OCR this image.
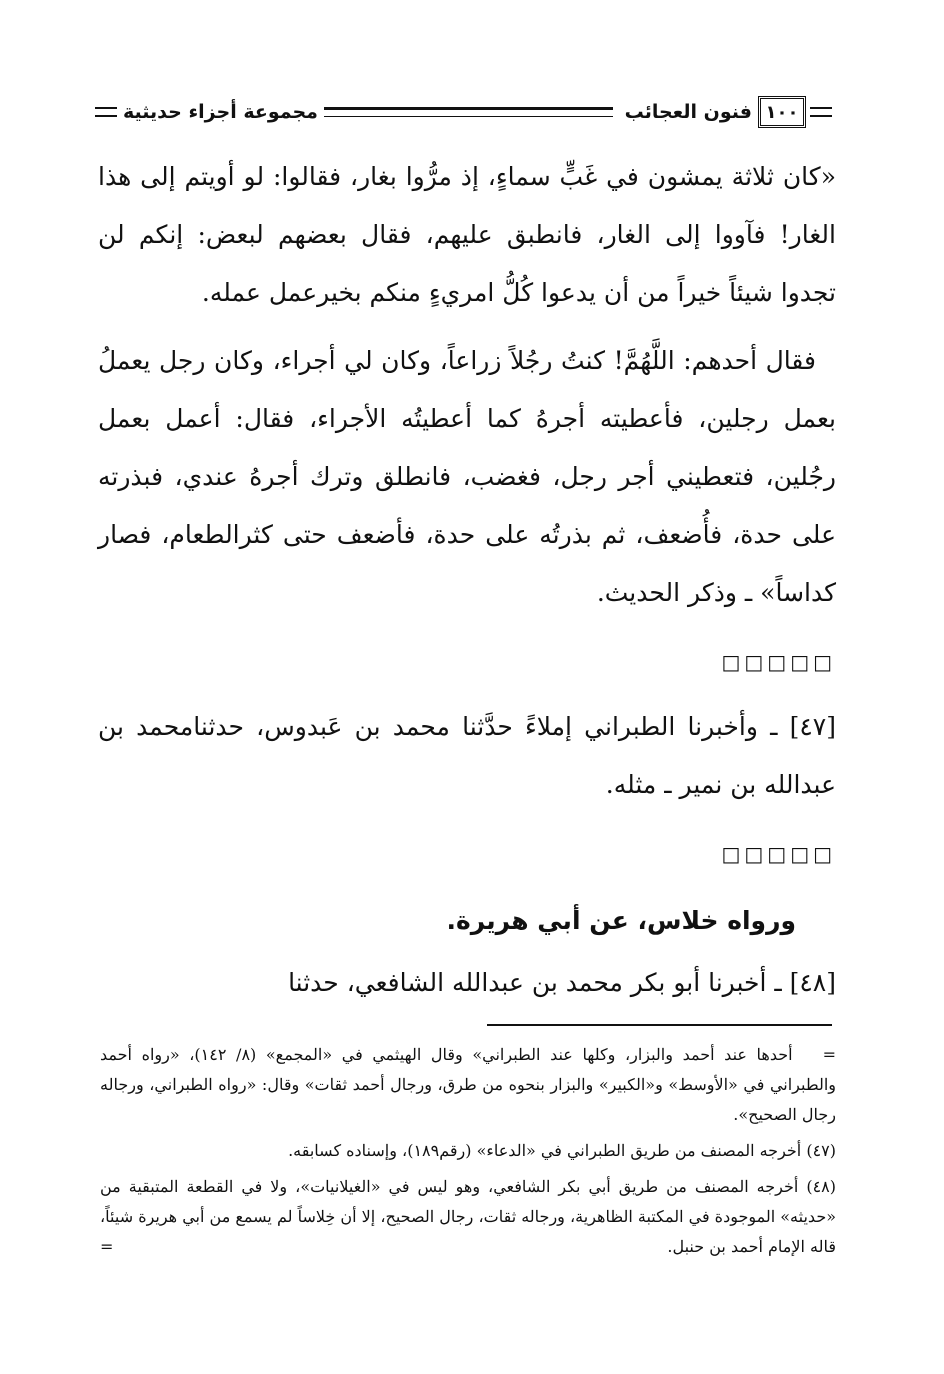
١٠٠
فنون العجائب
مجموعة أجزاء حديثية

«كان ثلاثة يمشون في غَبٍّ سماءٍ، إذ مرُّوا بغار، فقالوا: لو أويتم إلى هذا الغار! فآووا إلى الغار، فانطبق عليهم، فقال بعضهم لبعض: إنكم لن تجدوا شيئاً خيراً من أن يدعوا كُلُّ امريءٍ منكم بخيرعمل عمله.

فقال أحدهم: اللَّهُمَّ! كنتُ رجُلاً زراعاً، وكان لي أجراء، وكان رجل يعملُ بعمل رجلين، فأعطيته أجرهُ كما أعطيتُه الأجراء، فقال: أعمل بعمل رجُلين، فتعطيني أجر رجل، فغضب، فانطلق وترك أجرهُ عندي، فبذرته على حدة، فأُضعف، ثم بذرتُه على حدة، فأضعف حتى كثرالطعام، فصار كداساً» ـ وذكر الحديث.

□□□□□

[٤٧] ـ وأخبرنا الطبراني إملاءً حدَّثنا محمد بن عَبدوس، حدثنامحمد بن عبدالله بن نمير ـ مثله.

□□□□□

ورواه خلاس، عن أبي هريرة.

[٤٨] ـ أخبرنا أبو بكر محمد بن عبدالله الشافعي، حدثنا

=أحدها عند أحمد والبزار، وكلها عند الطبراني» وقال الهيثمي في «المجمع» (٨/ ١٤٢)، «رواه أحمد والطبراني في «الأوسط» و«الكبير» والبزار بنحوه من طرق، ورجال أحمد ثقات» وقال: «رواه الطبراني، ورجاله رجال الصحيح».

(٤٧) أخرجه المصنف من طريق الطبراني في «الدعاء» (رقم١٨٩)، وإسناده كسابقه.

(٤٨) أخرجه المصنف من طريق أبي بكر الشافعي، وهو ليس في «الغيلانيات»، ولا في القطعة المتبقية من «حديثه» الموجودة في المكتبة الظاهرية، ورجاله ثقات، رجال الصحيح، إلا أن خِلاساً لم يسمع من أبي هريرة شيئاً، قاله الإمام أحمد بن حنبل.
=
